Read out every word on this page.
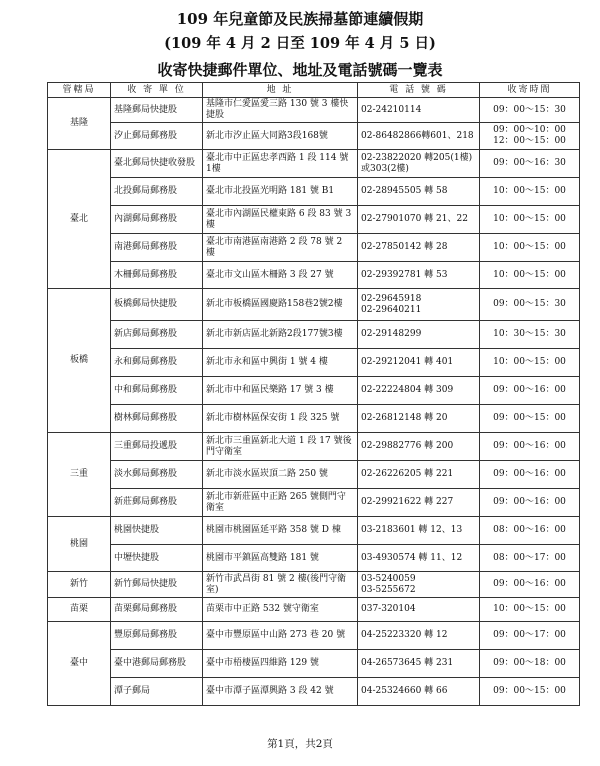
109 年兒童節及民族掃墓節連續假期
(109 年 4 月 2 日至 109 年 4 月 5 日)
收寄快捷郵件單位、地址及電話號碼一覽表
管轄局	收 寄 單 位	地 址	電 話 號 碼	收寄時間
基隆	基隆郵局快捷股	基隆市仁愛區愛三路 130 號 3 樓快捷股	02-24210114	09：00～15：30
	汐止郵局郵務股	新北市汐止區大同路3段168號	02-86482866轉601、218	09：00～10：00
12：00～15：00
臺北	臺北郵局快捷收發股	臺北市中正區忠孝西路 1 段 114 號1樓	02-23822020 轉205(1樓)或303(2樓)	09：00～16：30
	北投郵局郵務股	臺北市北投區光明路 181 號 B1	02-28945505 轉 58	10：00～15：00
	內湖郵局郵務股	臺北市內湖區民權東路 6 段 83 號 3 樓	02-27901070 轉 21、22	10：00～15：00
	南港郵局郵務股	臺北市南港區南港路 2 段 78 號 2 樓	02-27850142 轉 28	10：00～15：00
	木柵郵局郵務股	臺北市文山區木柵路 3 段 27 號	02-29392781 轉 53	10：00～15：00
板橋	板橋郵局快捷股	新北市板橋區國慶路158巷2號2樓	02-29645918
02-29640211	09：00～15：30
	新店郵局郵務股	新北市新店區北新路2段177號3樓	02-29148299	10：30～15：30
	永和郵局郵務股	新北市永和區中興街 1 號 4 樓	02-29212041 轉 401	10：00～15：00
	中和郵局郵務股	新北市中和區民樂路 17 號 3 樓	02-22224804 轉 309	09：00～16：00
	樹林郵局郵務股	新北市樹林區保安街 1 段 325 號	02-26812148 轉 20	09：00～15：00
三重	三重郵局投遞股	新北市三重區新北大道 1 段 17 號後門守衛室	02-29882776 轉 200	09：00～16：00
	淡水郵局郵務股	新北市淡水區崁頂二路 250 號	02-26226205 轉 221	09：00～16：00
	新莊郵局郵務股	新北市新莊區中正路 265 號側門守衛室	02-29921622 轉 227	09：00～16：00
桃園	桃園快捷股	桃園市桃園區延平路 358 號 D 棟	03-2183601 轉 12、13	08：00～16：00
	中壢快捷股	桃園市平鎮區高雙路 181 號	03-4930574 轉 11、12	08：00～17：00
新竹	新竹郵局快捷股	新竹市武昌街 81 號 2 樓(後門守衛室)	03-5240059
03-5255672	09：00～16：00
苗栗	苗栗郵局郵務股	苗栗市中正路 532 號守衛室	037-320104	10：00～15：00
臺中	豐原郵局郵務股	臺中市豐原區中山路 273 巷 20 號	04-25223320 轉 12	09：00～17：00
	臺中港郵局郵務股	臺中市梧棲區四維路 129 號	04-26573645 轉 231	09：00～18：00
	潭子郵局	臺中市潭子區潭興路 3 段 42 號	04-25324660 轉 66	09：00～15：00
第1頁，共2頁
